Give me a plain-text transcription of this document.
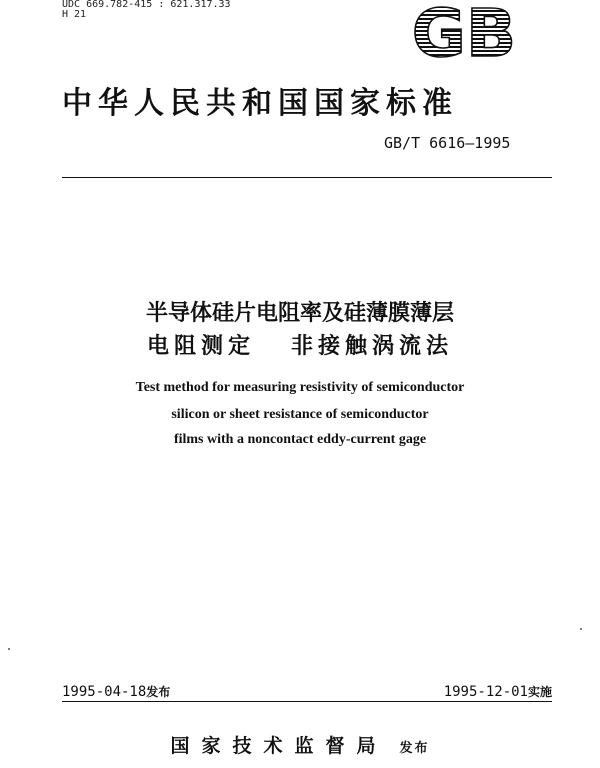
UDC 669.782-415 : 621.317.33
H 21	GB
中华人民共和国国家标准
GB/T 6616—1995
半导体硅片电阻率及硅薄膜薄层
电阻测定 非接触涡流法
Test method for measuring resistivity of semiconductor
silicon or sheet resistance of semiconductor
films with a noncontact eddy-current gage
1995-04-18发布	1995-12-01实施
国家技术监督局 发布
